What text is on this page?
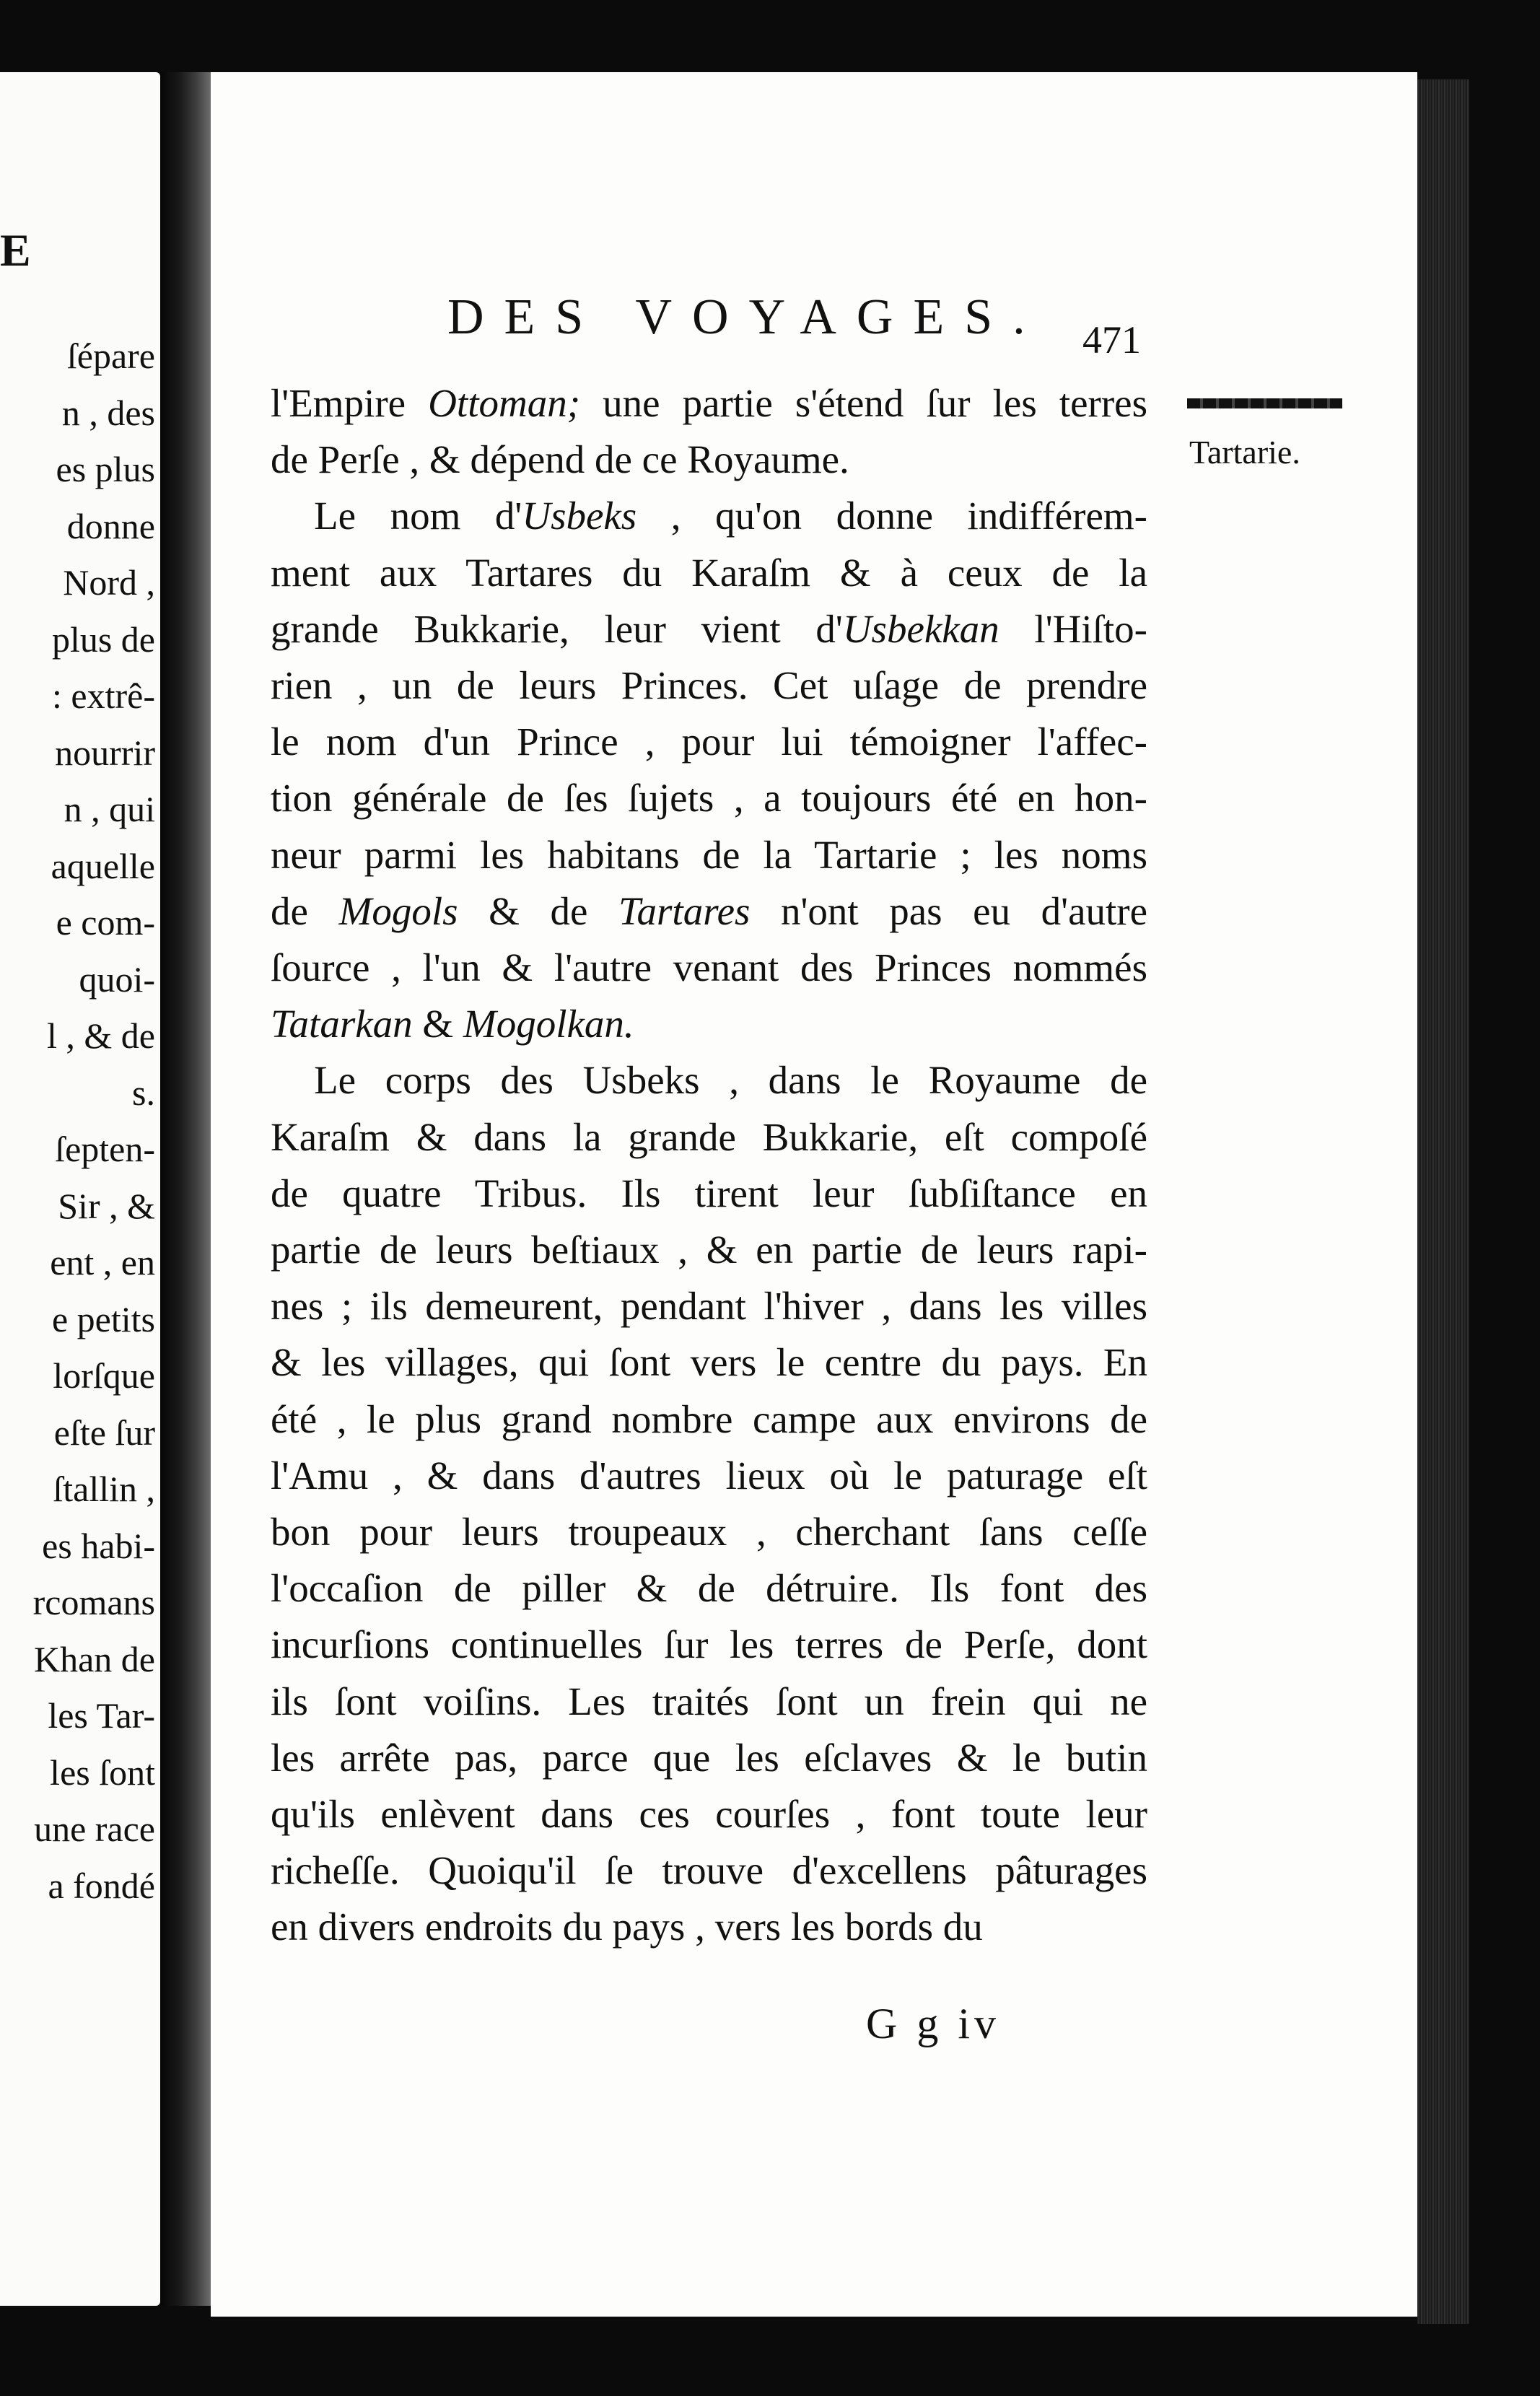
E
ſépare
n , des
es plus
donne
Nord ,
plus de
: extrê-
nourrir
n , qui
aquelle
e com-
quoi-
l , & de
s.
ſepten-
Sir , &
ent , en
e petits
lorſque
eſte ſur
ſtallin ,
es habi-
rcomans
Khan de
les Tar-
les ſont
une race
a fondé
DES VOYAGES. 471
Tartarie.

l'Empire Ottoman; une partie s'étend ſur les terres
de Perſe , & dépend de ce Royaume.

Le nom d'Usbeks , qu'on donne indifférem-
ment aux Tartares du Karaſm & à ceux de la
grande Bukkarie, leur vient d'Usbekkan l'Hiſto-
rien , un de leurs Princes. Cet uſage de prendre
le nom d'un Prince , pour lui témoigner l'affec-
tion générale de ſes ſujets , a toujours été en hon-
neur parmi les habitans de la Tartarie ; les noms
de Mogols & de Tartares n'ont pas eu d'autre
ſource , l'un & l'autre venant des Princes nommés
Tatarkan & Mogolkan.

Le corps des Usbeks , dans le Royaume de
Karaſm & dans la grande Bukkarie, eſt compoſé
de quatre Tribus. Ils tirent leur ſubſiſtance en
partie de leurs beſtiaux , & en partie de leurs rapi-
nes ; ils demeurent, pendant l'hiver , dans les villes
& les villages, qui ſont vers le centre du pays. En
été , le plus grand nombre campe aux environs de
l'Amu , & dans d'autres lieux où le paturage eſt
bon pour leurs troupeaux , cherchant ſans ceſſe
l'occaſion de piller & de détruire. Ils font des
incurſions continuelles ſur les terres de Perſe, dont
ils ſont voiſins. Les traités ſont un frein qui ne
les arrête pas, parce que les eſclaves & le butin
qu'ils enlèvent dans ces courſes , font toute leur
richeſſe. Quoiqu'il ſe trouve d'excellens pâturages
en divers endroits du pays , vers les bords du

G g iv
